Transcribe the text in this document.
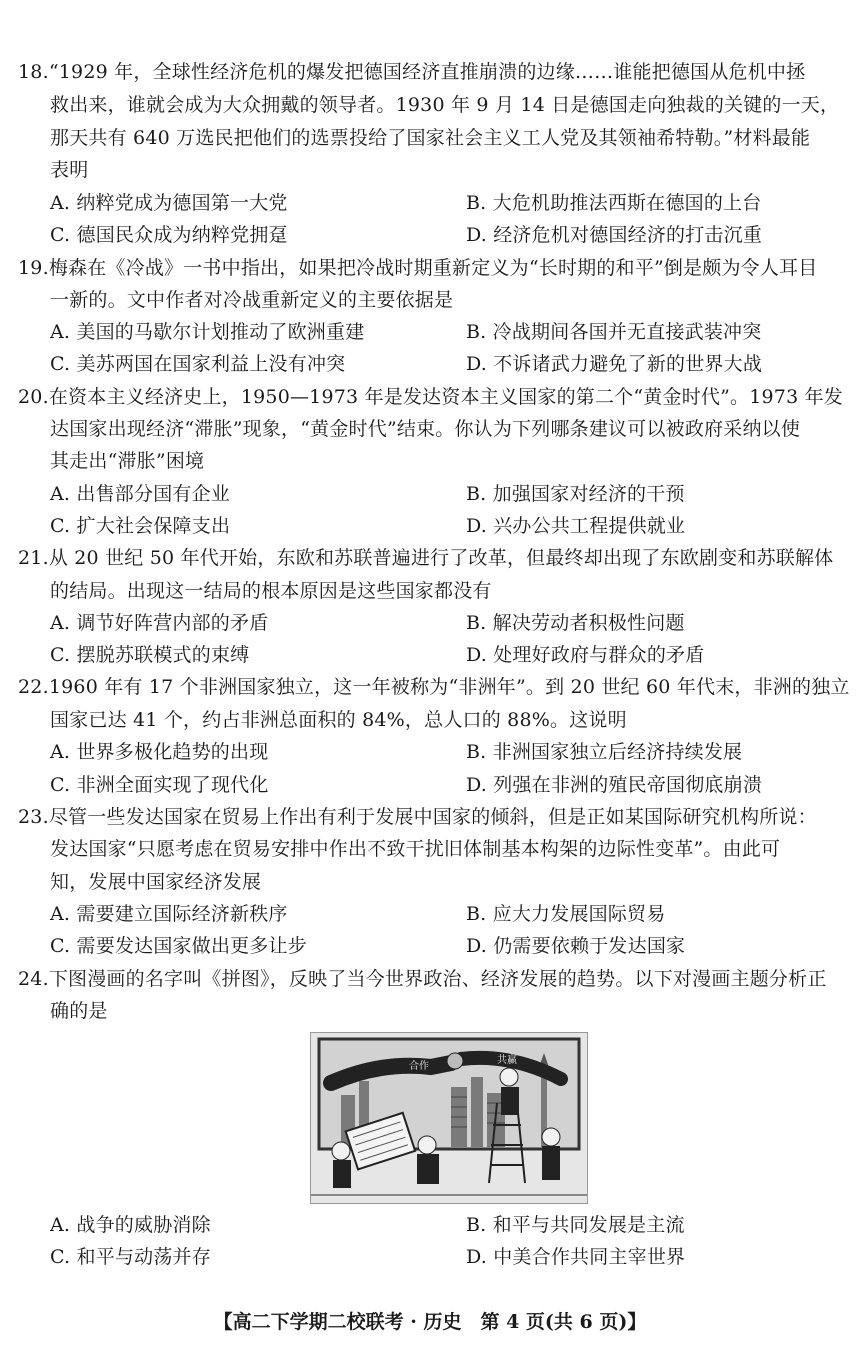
18.“1929 年，全球性经济危机的爆发把德国经济直推崩溃的边缘……谁能把德国从危机中拯
救出来，谁就会成为大众拥戴的领导者。1930 年 9 月 14 日是德国走向独裁的关键的一天，
那天共有 640 万选民把他们的选票投给了国家社会主义工人党及其领袖希特勒。”材料最能
表明
A. 纳粹党成为德国第一大党	B. 大危机助推法西斯在德国的上台
C. 德国民众成为纳粹党拥趸	D. 经济危机对德国经济的打击沉重
19.梅森在《冷战》一书中指出，如果把冷战时期重新定义为“长时期的和平”倒是颇为令人耳目
一新的。文中作者对冷战重新定义的主要依据是
A. 美国的马歇尔计划推动了欧洲重建	B. 冷战期间各国并无直接武装冲突
C. 美苏两国在国家利益上没有冲突	D. 不诉诸武力避免了新的世界大战
20.在资本主义经济史上，1950—1973 年是发达资本主义国家的第二个“黄金时代”。1973 年发
达国家出现经济“滞胀”现象，“黄金时代”结束。你认为下列哪条建议可以被政府采纳以使
其走出“滞胀”困境
A. 出售部分国有企业	B. 加强国家对经济的干预
C. 扩大社会保障支出	D. 兴办公共工程提供就业
21.从 20 世纪 50 年代开始，东欧和苏联普遍进行了改革，但最终却出现了东欧剧变和苏联解体
的结局。出现这一结局的根本原因是这些国家都没有
A. 调节好阵营内部的矛盾	B. 解决劳动者积极性问题
C. 摆脱苏联模式的束缚	D. 处理好政府与群众的矛盾
22.1960 年有 17 个非洲国家独立，这一年被称为“非洲年”。到 20 世纪 60 年代末，非洲的独立
国家已达 41 个，约占非洲总面积的 84%，总人口的 88%。这说明
A. 世界多极化趋势的出现	B. 非洲国家独立后经济持续发展
C. 非洲全面实现了现代化	D. 列强在非洲的殖民帝国彻底崩溃
23.尽管一些发达国家在贸易上作出有利于发展中国家的倾斜，但是正如某国际研究机构所说：
发达国家“只愿考虑在贸易安排中作出不致干扰旧体制基本构架的边际性变革”。由此可
知，发展中国家经济发展
A. 需要建立国际经济新秩序	B. 应大力发展国际贸易
C. 需要发达国家做出更多让步	D. 仍需要依赖于发达国家
24.下图漫画的名字叫《拼图》，反映了当今世界政治、经济发展的趋势。以下对漫画主题分析正
确的是
合作
共赢
A. 战争的威胁消除	B. 和平与共同发展是主流
C. 和平与动荡并存	D. 中美合作共同主宰世界
【高二下学期二校联考 · 历史　第 4 页(共 6 页)】
